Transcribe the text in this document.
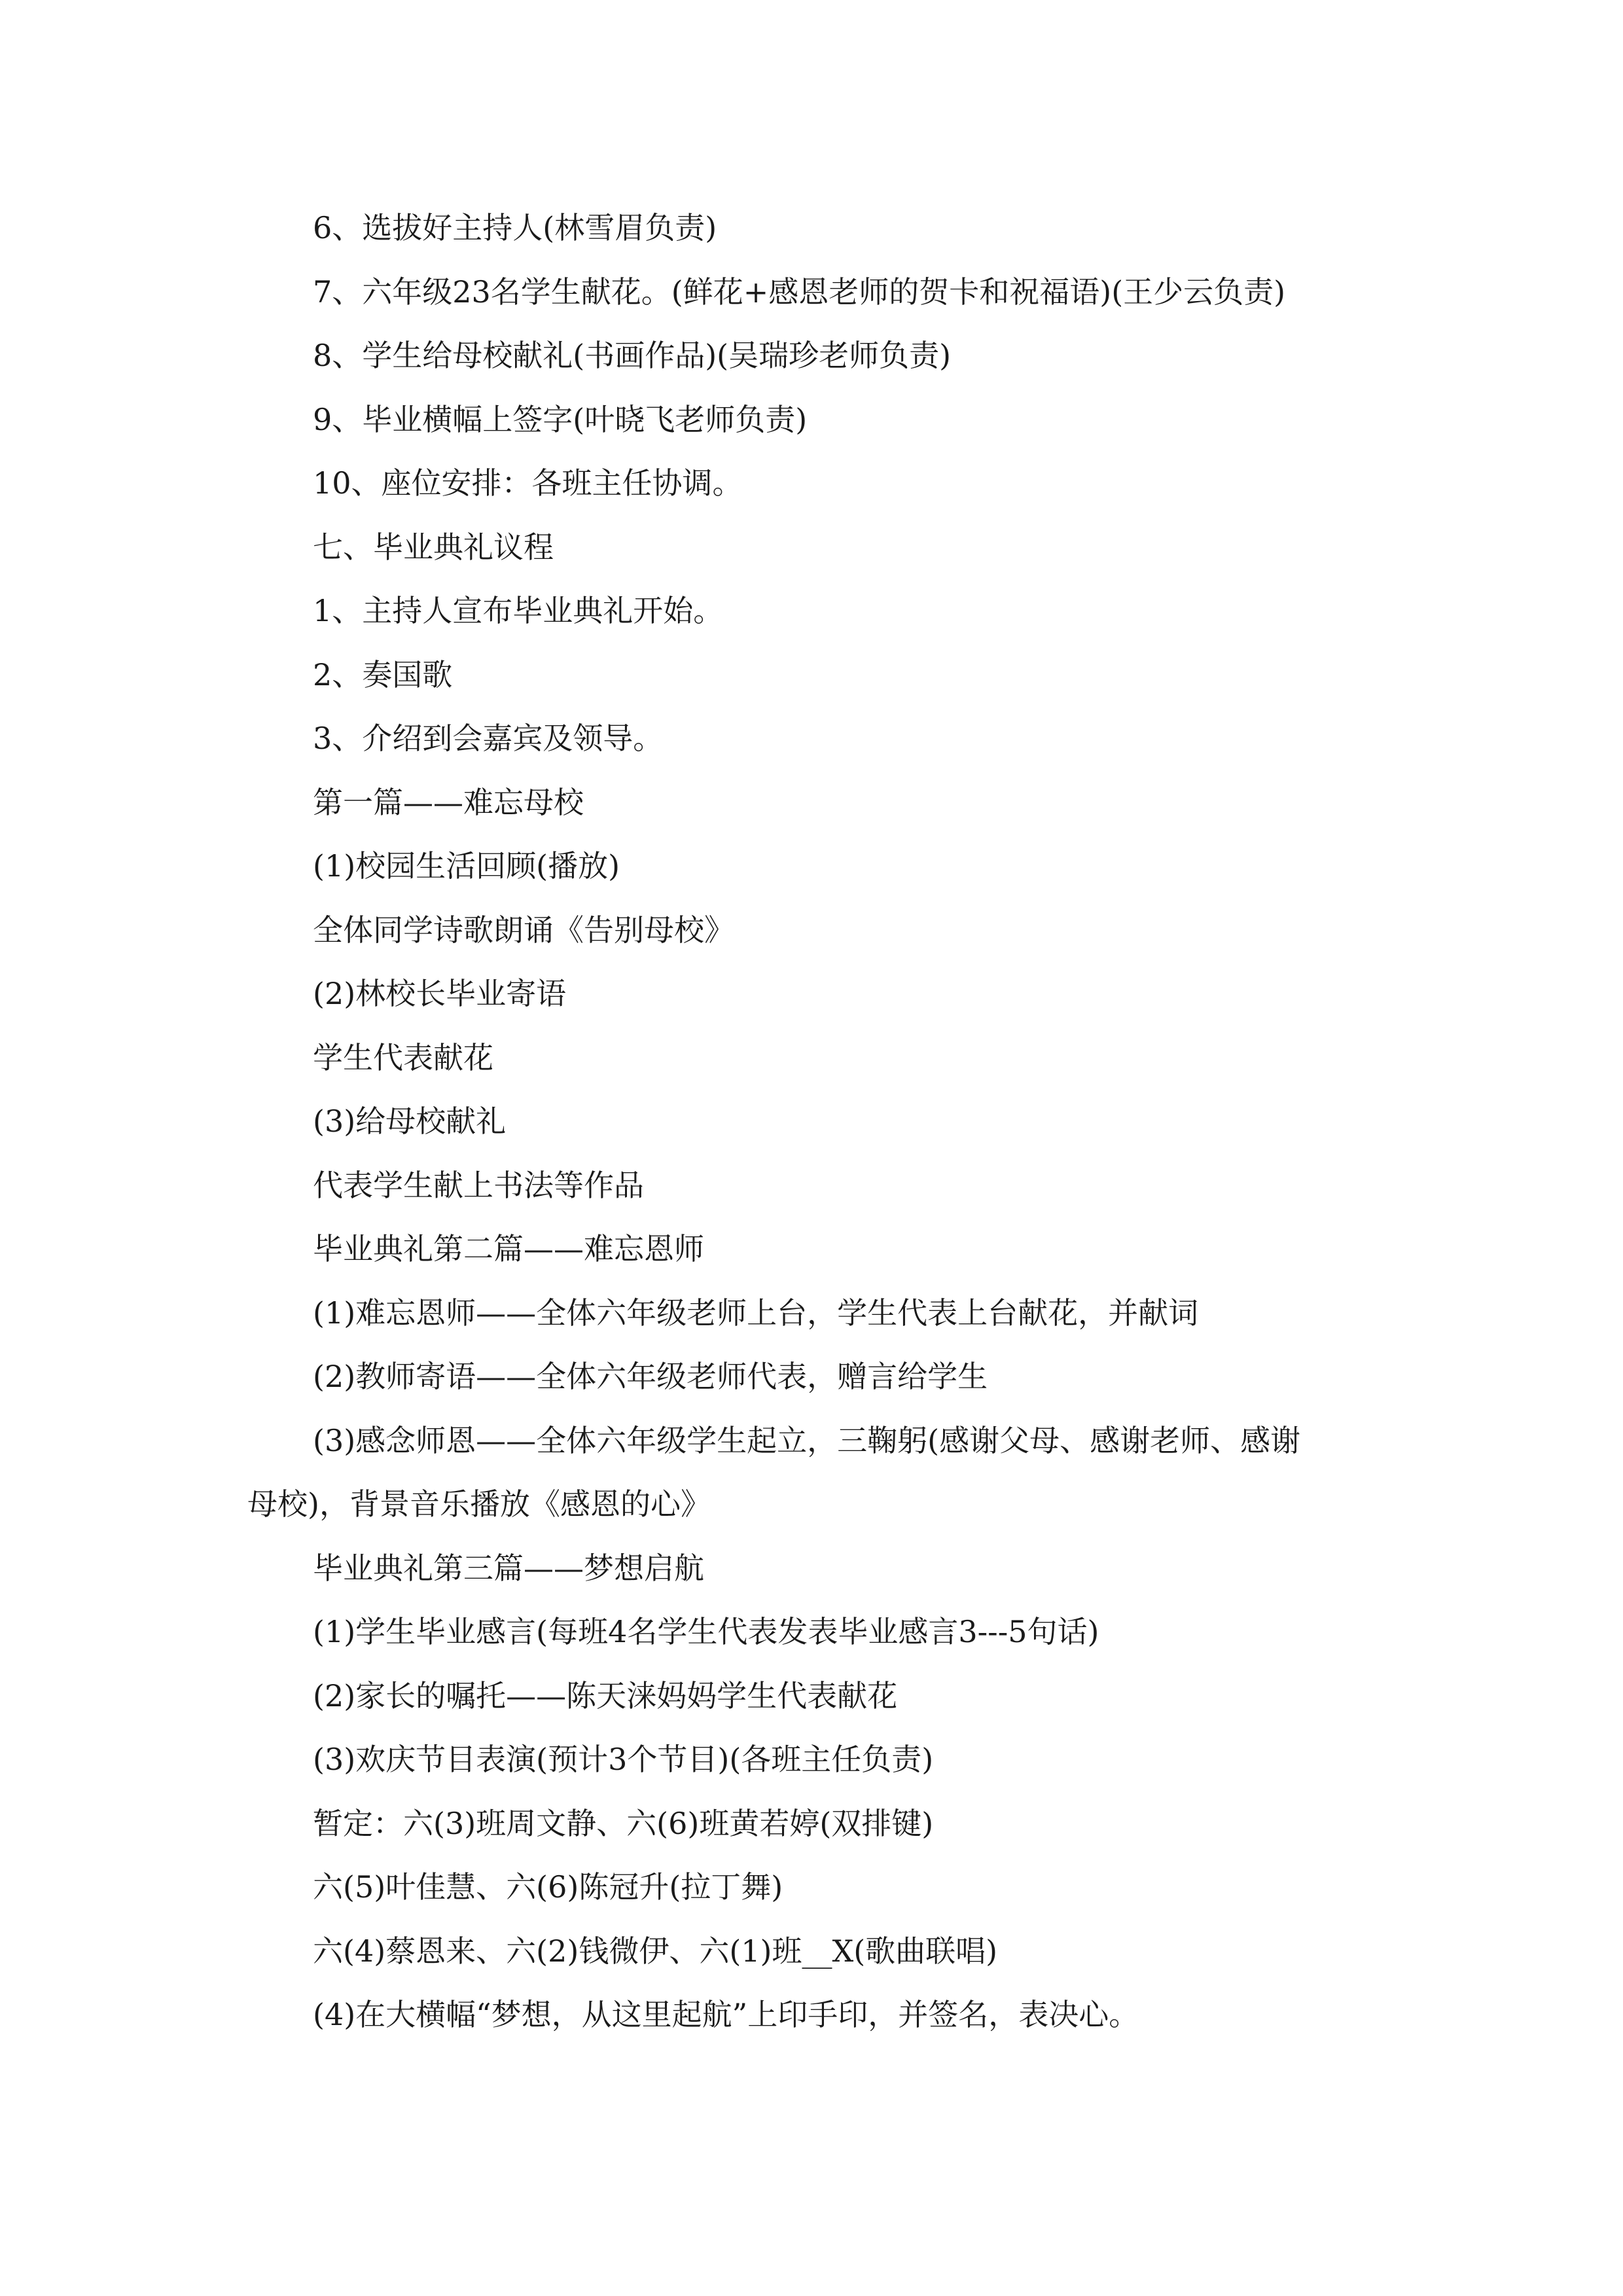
6、选拔好主持人(林雪眉负责)
7、六年级23名学生献花。(鲜花+感恩老师的贺卡和祝福语)(王少云负责)
8、学生给母校献礼(书画作品)(吴瑞珍老师负责)
9、毕业横幅上签字(叶晓飞老师负责)
10、座位安排：各班主任协调。
七、毕业典礼议程
1、主持人宣布毕业典礼开始。
2、奏国歌
3、介绍到会嘉宾及领导。
第一篇——难忘母校
(1)校园生活回顾(播放)
全体同学诗歌朗诵《告别母校》
(2)林校长毕业寄语
学生代表献花
(3)给母校献礼
代表学生献上书法等作品
毕业典礼第二篇——难忘恩师
(1)难忘恩师——全体六年级老师上台，学生代表上台献花，并献词
(2)教师寄语——全体六年级老师代表，赠言给学生
(3)感念师恩——全体六年级学生起立，三鞠躬(感谢父母、感谢老师、感谢
母校)，背景音乐播放《感恩的心》
毕业典礼第三篇——梦想启航
(1)学生毕业感言(每班4名学生代表发表毕业感言3---5句话)
(2)家长的嘱托——陈天涞妈妈学生代表献花
(3)欢庆节目表演(预计3个节目)(各班主任负责)
暂定：六(3)班周文静、六(6)班黄若婷(双排键)
六(5)叶佳慧、六(6)陈冠升(拉丁舞)
六(4)蔡恩来、六(2)钱微伊、六(1)班__X(歌曲联唱)
(4)在大横幅“梦想，从这里起航”上印手印，并签名，表决心。
